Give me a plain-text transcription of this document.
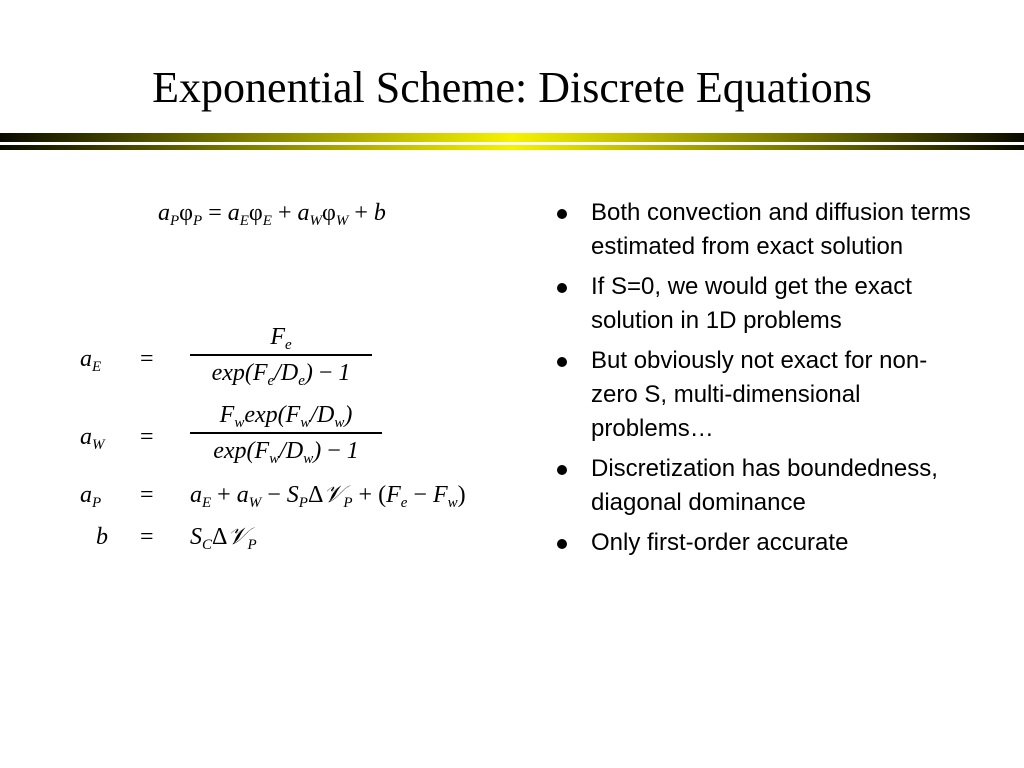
Exponential Scheme: Discrete Equations
$a_P\varphi_P = a_E\varphi_E + a_W\varphi_W + b$
$a_E$ =
$F_e$
$\exp(F_e/D_e) - 1$
$a_W$ =
$F_w\exp(F_w/D_w)$
$\exp(F_w/D_w) - 1$
$a_P = a_E + a_W$ − $S_P\Delta 𝒱_P + (F_e - F_w)$
$b = S_C\Delta 𝒱_P$
Both convection and diffusion terms estimated from exact solution
If S=0, we would get the exact solution in 1D problems
But obviously not exact for non-zero S, multi-dimensional problems…
Discretization has boundedness, diagonal dominance
Only first-order accurate
